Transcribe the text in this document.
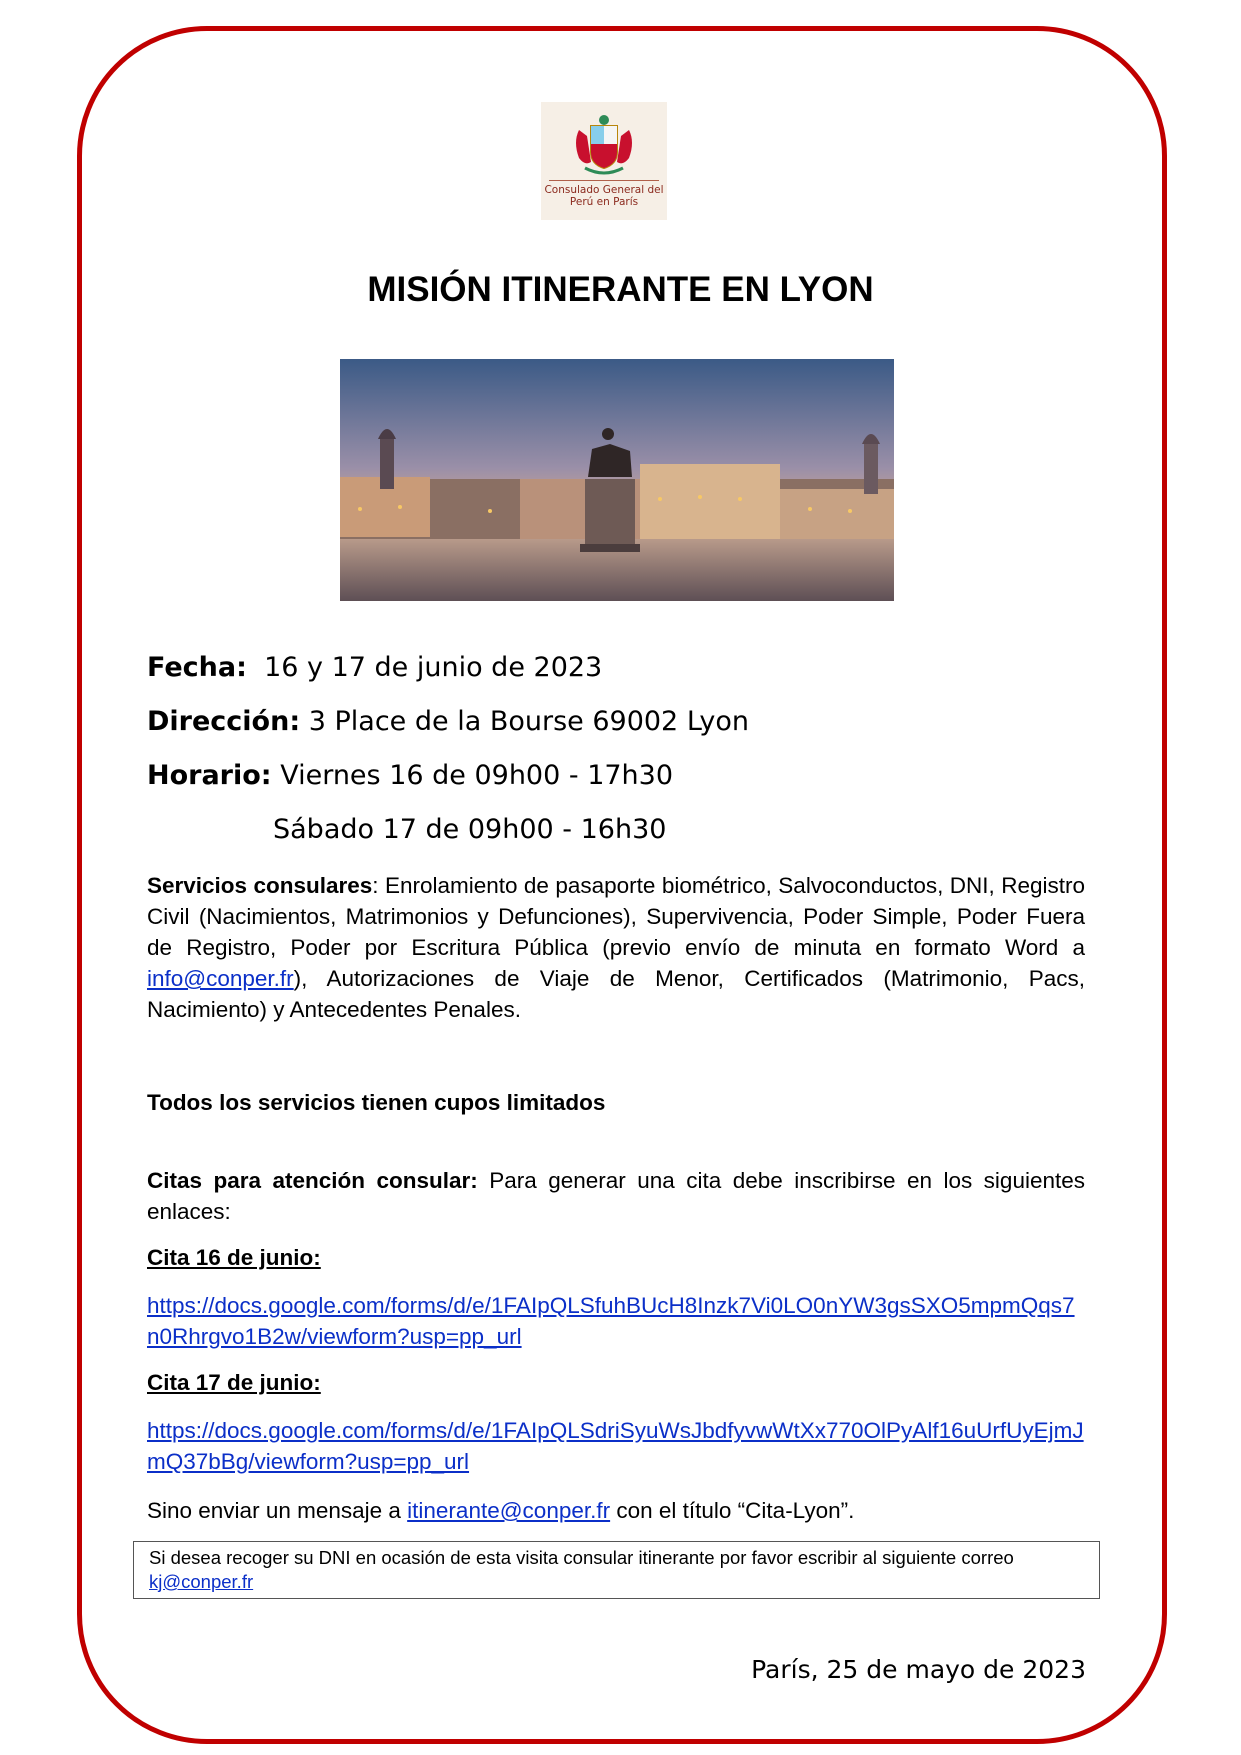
Consulado General del
Perú en París
MISIÓN ITINERANTE EN LYON
Fecha: 16 y 17 de junio de 2023
Dirección: 3 Place de la Bourse 69002 Lyon
Horario: Viernes 16 de 09h00 - 17h30
Sábado 17 de 09h00 - 16h30
Servicios consulares: Enrolamiento de pasaporte biométrico, Salvoconductos, DNI, Registro Civil (Nacimientos, Matrimonios y Defunciones), Supervivencia, Poder Simple, Poder Fuera de Registro, Poder por Escritura Pública (previo envío de minuta en formato Word a info@conper.fr), Autorizaciones de Viaje de Menor, Certificados (Matrimonio, Pacs, Nacimiento) y Antecedentes Penales.
Todos los servicios tienen cupos limitados
Citas para atención consular: Para generar una cita debe inscribirse en los siguientes enlaces:
Cita 16 de junio:
https://docs.google.com/forms/d/e/1FAIpQLSfuhBUcH8Inzk7Vi0LO0nYW3gsSXO5mpmQqs7n0Rhrgvo1B2w/viewform?usp=pp_url
Cita 17 de junio:
https://docs.google.com/forms/d/e/1FAIpQLSdriSyuWsJbdfyvwWtXx770OlPyAlf16uUrfUyEjmJmQ37bBg/viewform?usp=pp_url
Sino enviar un mensaje a itinerante@conper.fr con el título “Cita-Lyon”.
Si desea recoger su DNI en ocasión de esta visita consular itinerante por favor escribir al siguiente correo kj@conper.fr
París, 25 de mayo de 2023
